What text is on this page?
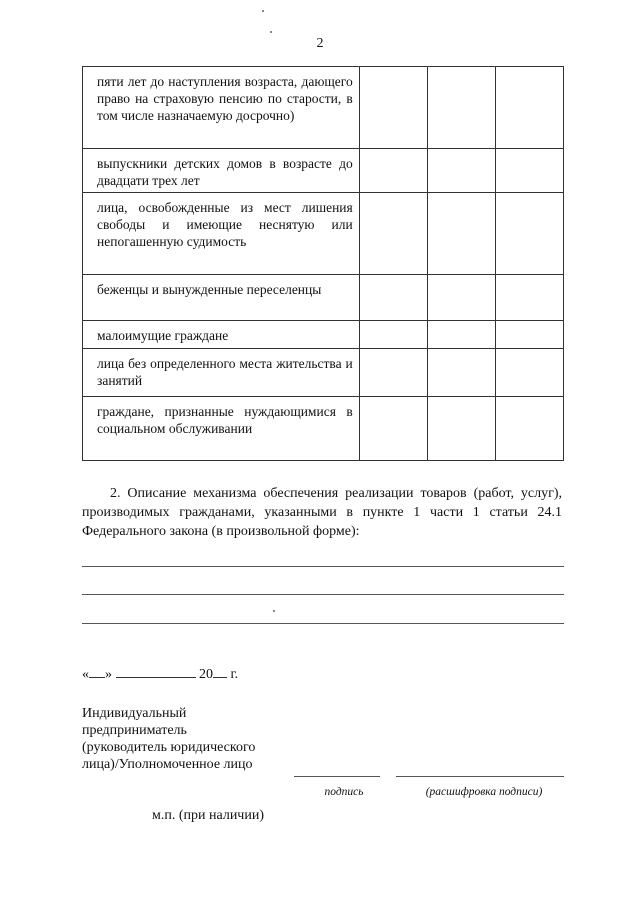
2
пяти лет до наступления возраста, дающего право на страховую пенсию по старости, в том числе назначаемую досрочно)			
выпускники детских домов в возрасте до двадцати трех лет			
лица, освобожденные из мест лишения свободы и имеющие неснятую или непогашенную судимость			
беженцы и вынужденные переселенцы			
малоимущие граждане			
лица без определенного места жительства и занятий			
граждане, признанные нуждающимися в социальном обслуживании			
2. Описание механизма обеспечения реализации товаров (работ, услуг), производимых гражданами, указанными в пункте 1 части 1 статьи 24.1 Федерального закона (в произвольной форме):
« »	20 г.
Индивидуальный
предприниматель
(руководитель юридического
лица)/Уполномоченное лицо
подпись	(расшифровка подписи)
м.п. (при наличии)
